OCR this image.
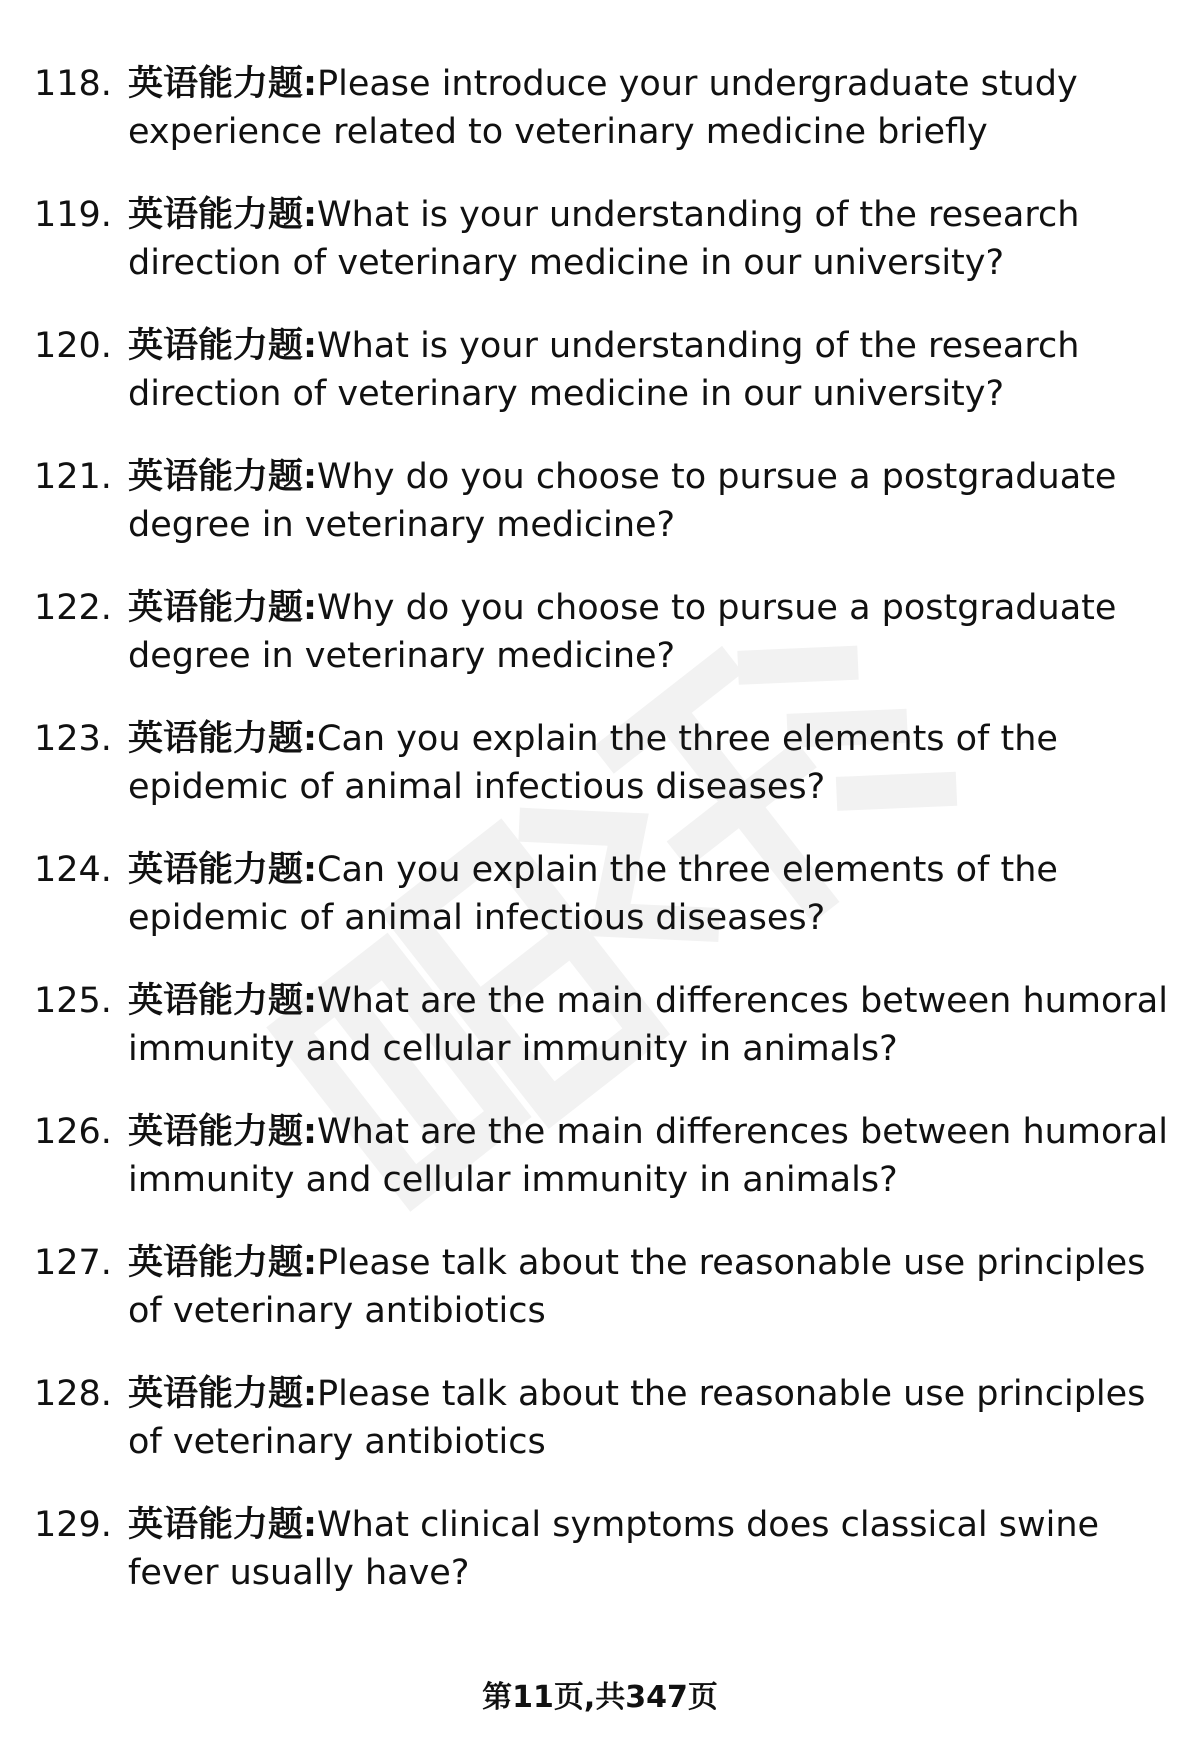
118. 英语能力题:Please introduce your undergraduate study experience related to veterinary medicine briefly
119. 英语能力题:What is your understanding of the research direction of veterinary medicine in our university?
120. 英语能力题:What is your understanding of the research direction of veterinary medicine in our university?
121. 英语能力题:Why do you choose to pursue a postgraduate degree in veterinary medicine?
122. 英语能力题:Why do you choose to pursue a postgraduate degree in veterinary medicine?
123. 英语能力题:Can you explain the three elements of the epidemic of animal infectious diseases?
124. 英语能力题:Can you explain the three elements of the epidemic of animal infectious diseases?
125. 英语能力题:What are the main differences between humoral immunity and cellular immunity in animals?
126. 英语能力题:What are the main differences between humoral immunity and cellular immunity in animals?
127. 英语能力题:Please talk about the reasonable use principles of veterinary antibiotics
128. 英语能力题:Please talk about the reasonable use principles of veterinary antibiotics
129. 英语能力题:What clinical symptoms does classical swine fever usually have?
第11页,共347页
